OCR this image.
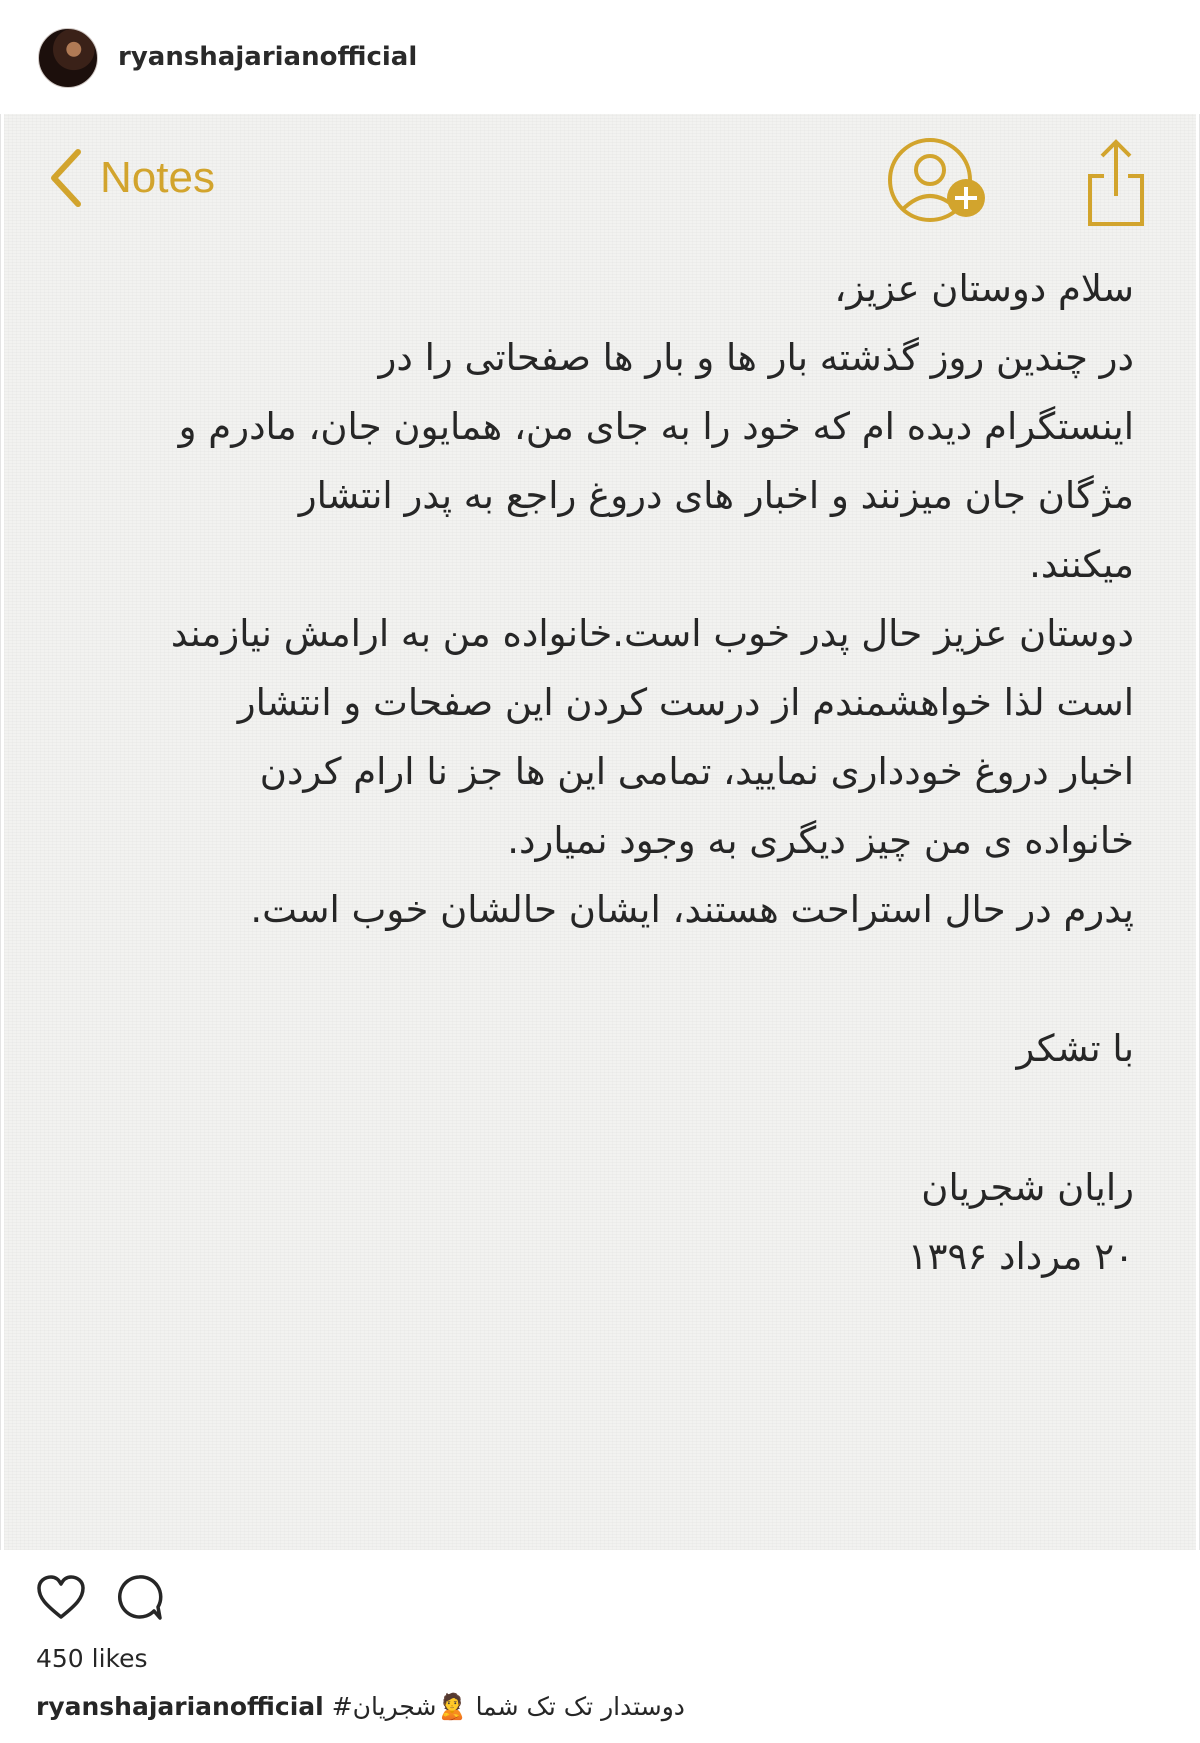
ryanshajarianofficial
Notes

سلام دوستان عزیز،

در چندین روز گذشته بار ها و بار ها صفحاتی را در

اینستگرام دیده ام که خود را به جای من، همایون جان، مادرم و

مژگان جان میزنند و اخبار های دروغ راجع به پدر انتشار

میکنند.

دوستان عزیز حال پدر خوب است.خانواده من به ارامش نیازمند

است لذا خواهشمندم از درست کردن این صفحات و انتشار

اخبار دروغ خودداری نمایید، تمامی این ها جز نا ارام کردن

خانواده ی من چیز دیگری به وجود نمیارد.

پدرم در حال استراحت هستند، ایشان حالشان خوب است.

با تشکر

رایان شجریان

۲۰ مرداد ۱۳۹۶

450 likes
ryanshajarianofficial #شجریان🙎 دوستدار تک تک شما
